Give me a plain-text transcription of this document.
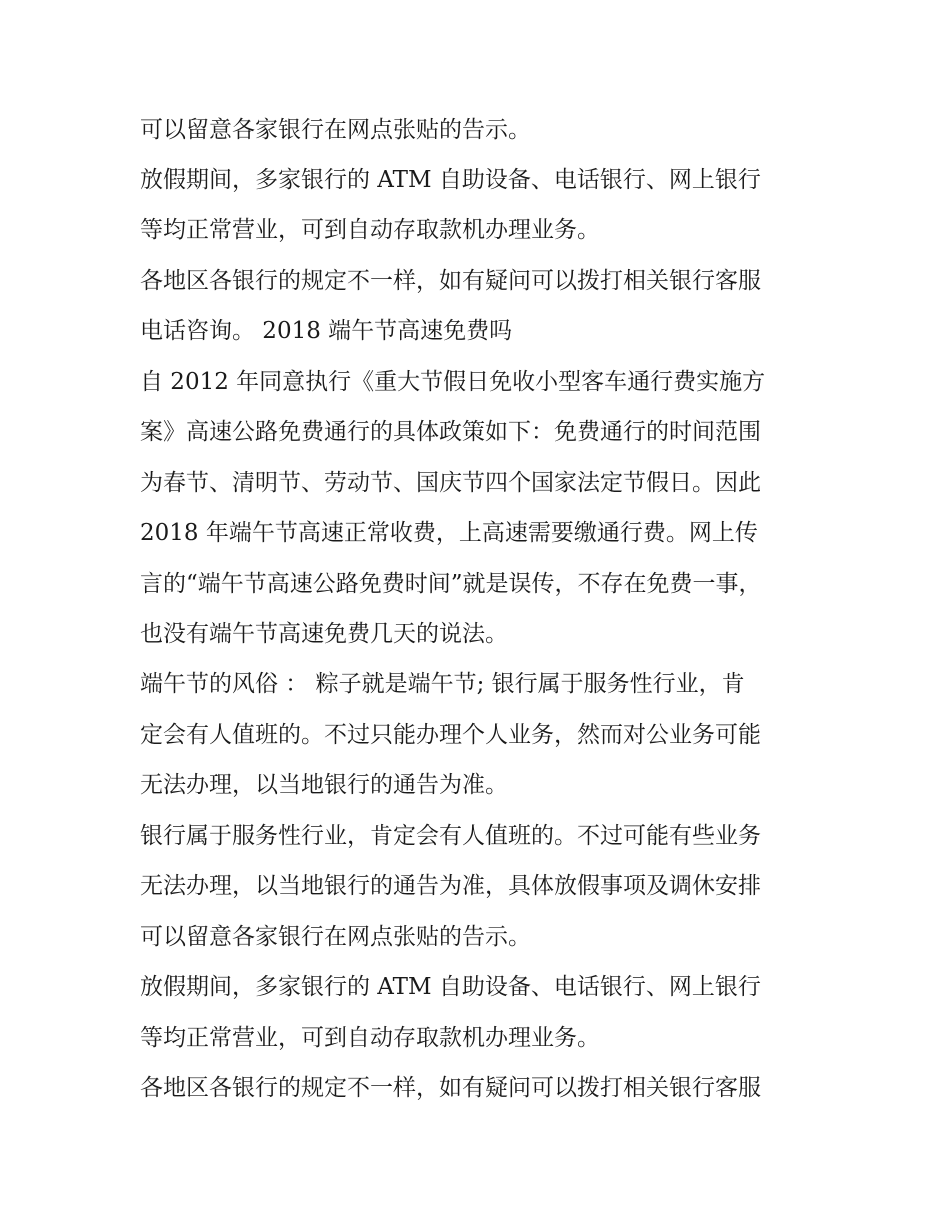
可以留意各家银行在网点张贴的告示。
放假期间，多家银行的 ATM 自助设备、电话银行、网上银行
等均正常营业，可到自动存取款机办理业务。
各地区各银行的规定不一样，如有疑问可以拨打相关银行客服
电话咨询。 2018 端午节高速免费吗
自 2012 年同意执行《重大节假日免收小型客车通行费实施方
案》高速公路免费通行的具体政策如下：免费通行的时间范围
为春节、清明节、劳动节、国庆节四个国家法定节假日。因此
2018 年端午节高速正常收费，上高速需要缴通行费。网上传
言的“端午节高速公路免费时间”就是误传，不存在免费一事，
也没有端午节高速免费几天的说法。
端午节的风俗 ： 粽子就是端午节; 银行属于服务性行业，肯
定会有人值班的。不过只能办理个人业务，然而对公业务可能
无法办理，以当地银行的通告为准。
银行属于服务性行业，肯定会有人值班的。不过可能有些业务
无法办理，以当地银行的通告为准，具体放假事项及调休安排
可以留意各家银行在网点张贴的告示。
放假期间，多家银行的 ATM 自助设备、电话银行、网上银行
等均正常营业，可到自动存取款机办理业务。
各地区各银行的规定不一样，如有疑问可以拨打相关银行客服
